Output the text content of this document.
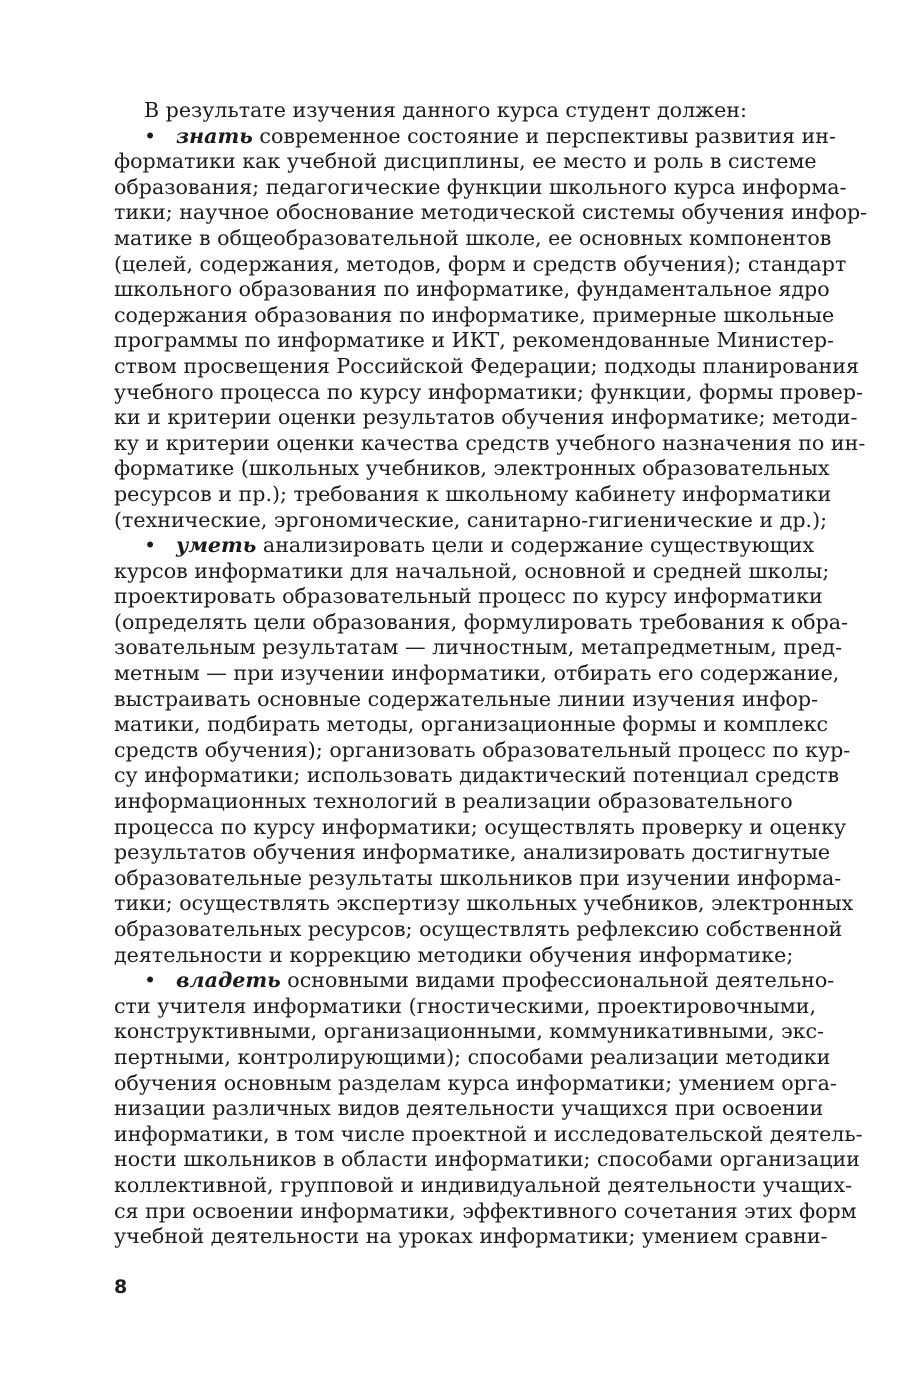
В результате изучения данного курса студент должен:
• знать современное состояние и перспективы развития ин-
форматики как учебной дисциплины, ее место и роль в системе
образования; педагогические функции школьного курса информа-
тики; научное обоснование методической системы обучения инфор-
матике в общеобразовательной школе, ее основных компонентов
(целей, содержания, методов, форм и средств обучения); стандарт
школьного образования по информатике, фундаментальное ядро
содержания образования по информатике, примерные школьные
программы по информатике и ИКТ, рекомендованные Министер-
ством просвещения Российской Федерации; подходы планирования
учебного процесса по курсу информатики; функции, формы провер-
ки и критерии оценки результатов обучения информатике; методи-
ку и критерии оценки качества средств учебного назначения по ин-
форматике (школьных учебников, электронных образовательных
ресурсов и пр.); требования к школьному кабинету информатики
(технические, эргономические, санитарно-гигиенические и др.);
• уметь анализировать цели и содержание существующих
курсов информатики для начальной, основной и средней школы;
проектировать образовательный процесс по курсу информатики
(определять цели образования, формулировать требования к обра-
зовательным результатам — личностным, метапредметным, пред-
метным — при изучении информатики, отбирать его содержание,
выстраивать основные содержательные линии изучения инфор-
матики, подбирать методы, организационные формы и комплекс
средств обучения); организовать образовательный процесс по кур-
су информатики; использовать дидактический потенциал средств
информационных технологий в реализации образовательного
процесса по курсу информатики; осуществлять проверку и оценку
результатов обучения информатике, анализировать достигнутые
образовательные результаты школьников при изучении информа-
тики; осуществлять экспертизу школьных учебников, электронных
образовательных ресурсов; осуществлять рефлексию собственной
деятельности и коррекцию методики обучения информатике;
• владеть основными видами профессиональной деятельно-
сти учителя информатики (гностическими, проектировочными,
конструктивными, организационными, коммуникативными, экс-
пертными, контролирующими); способами реализации методики
обучения основным разделам курса информатики; умением орга-
низации различных видов деятельности учащихся при освоении
информатики, в том числе проектной и исследовательской деятель-
ности школьников в области информатики; способами организации
коллективной, групповой и индивидуальной деятельности учащих-
ся при освоении информатики, эффективного сочетания этих форм
учебной деятельности на уроках информатики; умением сравни-
8
